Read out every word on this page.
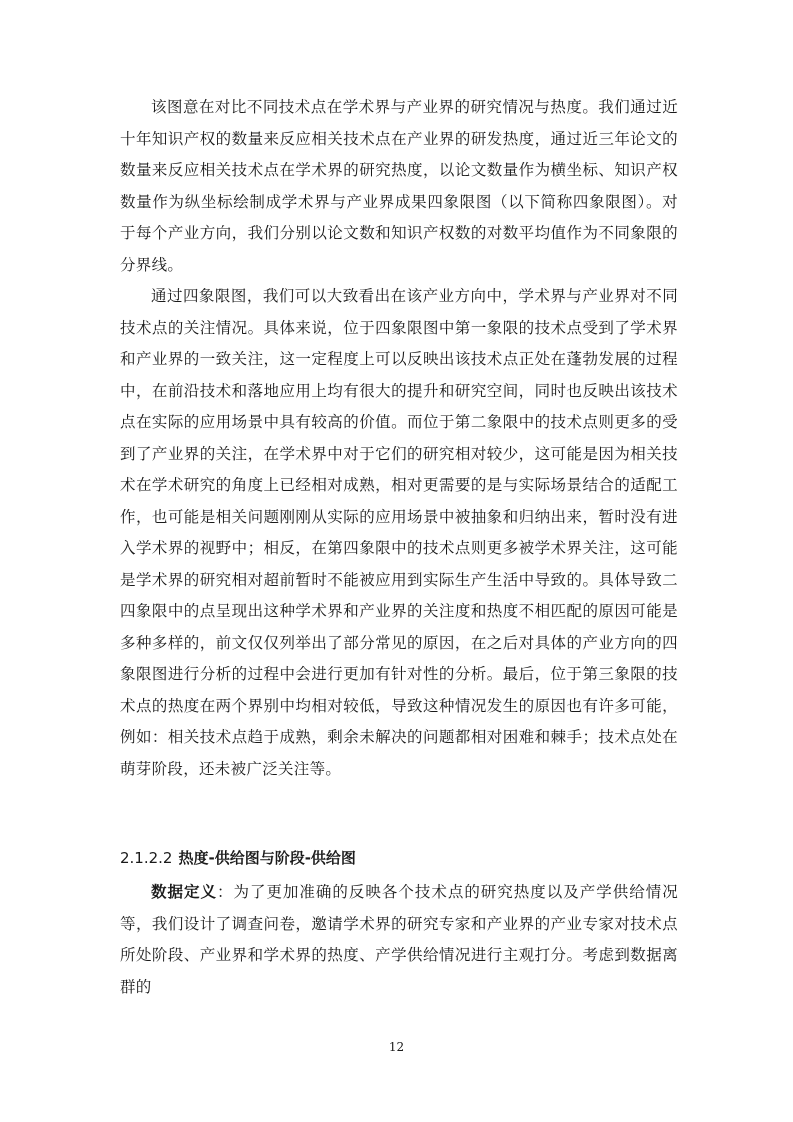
该图意在对比不同技术点在学术界与产业界的研究情况与热度。我们通过近十年知识产权的数量来反应相关技术点在产业界的研发热度，通过近三年论文的数量来反应相关技术点在学术界的研究热度，以论文数量作为横坐标、知识产权数量作为纵坐标绘制成学术界与产业界成果四象限图（以下简称四象限图）。对于每个产业方向，我们分别以论文数和知识产权数的对数平均值作为不同象限的分界线。

通过四象限图，我们可以大致看出在该产业方向中，学术界与产业界对不同技术点的关注情况。具体来说，位于四象限图中第一象限的技术点受到了学术界和产业界的一致关注，这一定程度上可以反映出该技术点正处在蓬勃发展的过程中，在前沿技术和落地应用上均有很大的提升和研究空间，同时也反映出该技术点在实际的应用场景中具有较高的价值。而位于第二象限中的技术点则更多的受到了产业界的关注，在学术界中对于它们的研究相对较少，这可能是因为相关技术在学术研究的角度上已经相对成熟，相对更需要的是与实际场景结合的适配工作，也可能是相关问题刚刚从实际的应用场景中被抽象和归纳出来，暂时没有进入学术界的视野中；相反，在第四象限中的技术点则更多被学术界关注，这可能是学术界的研究相对超前暂时不能被应用到实际生产生活中导致的。具体导致二四象限中的点呈现出这种学术界和产业界的关注度和热度不相匹配的原因可能是多种多样的，前文仅仅列举出了部分常见的原因，在之后对具体的产业方向的四象限图进行分析的过程中会进行更加有针对性的分析。最后，位于第三象限的技术点的热度在两个界别中均相对较低，导致这种情况发生的原因也有许多可能，例如：相关技术点趋于成熟，剩余未解决的问题都相对困难和棘手；技术点处在萌芽阶段，还未被广泛关注等。

2.1.2.2 热度-供给图与阶段-供给图

数据定义：为了更加准确的反映各个技术点的研究热度以及产学供给情况等，我们设计了调查问卷，邀请学术界的研究专家和产业界的产业专家对技术点所处阶段、产业界和学术界的热度、产学供给情况进行主观打分。考虑到数据离群的

12
